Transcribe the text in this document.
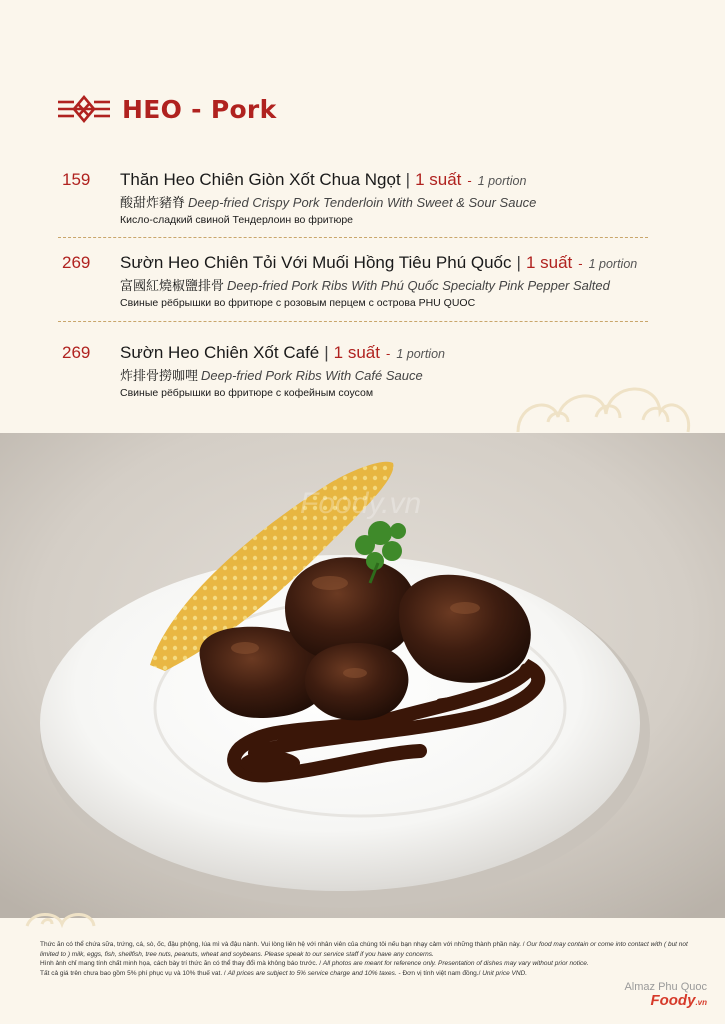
HEO - Pork
159 Thăn Heo Chiên Giòn Xốt Chua Ngọt | 1 suất - 1 portion
酸甜炸豬脊 Deep-fried Crispy Pork Tenderloin With Sweet & Sour Sauce
Кисло-сладкий свиной Тендерлоин во фритюре
269 Sườn Heo Chiên Tỏi Với Muối Hồng Tiêu Phú Quốc | 1 suất - 1 portion
富國紅燒椒鹽排骨 Deep-fried Pork Ribs With Phú Quốc Specialty Pink Pepper Salted
Свиные рёбрышки во фритюре с розовым перцем с острова PHU QUOC
269 Sườn Heo Chiên Xốt Café | 1 suất - 1 portion
炸排骨撈咖哩 Deep-fried Pork Ribs With Café Sauce
Свиные рёбрышки во фритюре с кофейным соусом
Foody.vn
Thức ăn có thể chứa sữa, trứng, cá, sò, ốc, đậu phộng, lúa mì và đậu nành. Vui lòng liên hệ với nhân viên của chúng tôi nếu bạn nhạy cảm với những thành phần này. / Our food may contain or come into contact with ( but not limited to ) milk, eggs, fish, shellfish, tree nuts, peanuts, wheat and soybeans. Please speak to our service staff if you have any concerns.
Hình ảnh chỉ mang tính chất minh họa, cách bày trí thức ăn có thể thay đổi mà không báo trước. / All photos are meant for reference only. Presentation of dishes may vary without prior notice.
Tất cả giá trên chưa bao gồm 5% phí phục vụ và 10% thuế vat. / All prices are subject to 5% service charge and 10% taxes. - Đơn vị tính việt nam đồng./ Unit price VND.
Almaz Phu Quoc
Foody.vn
